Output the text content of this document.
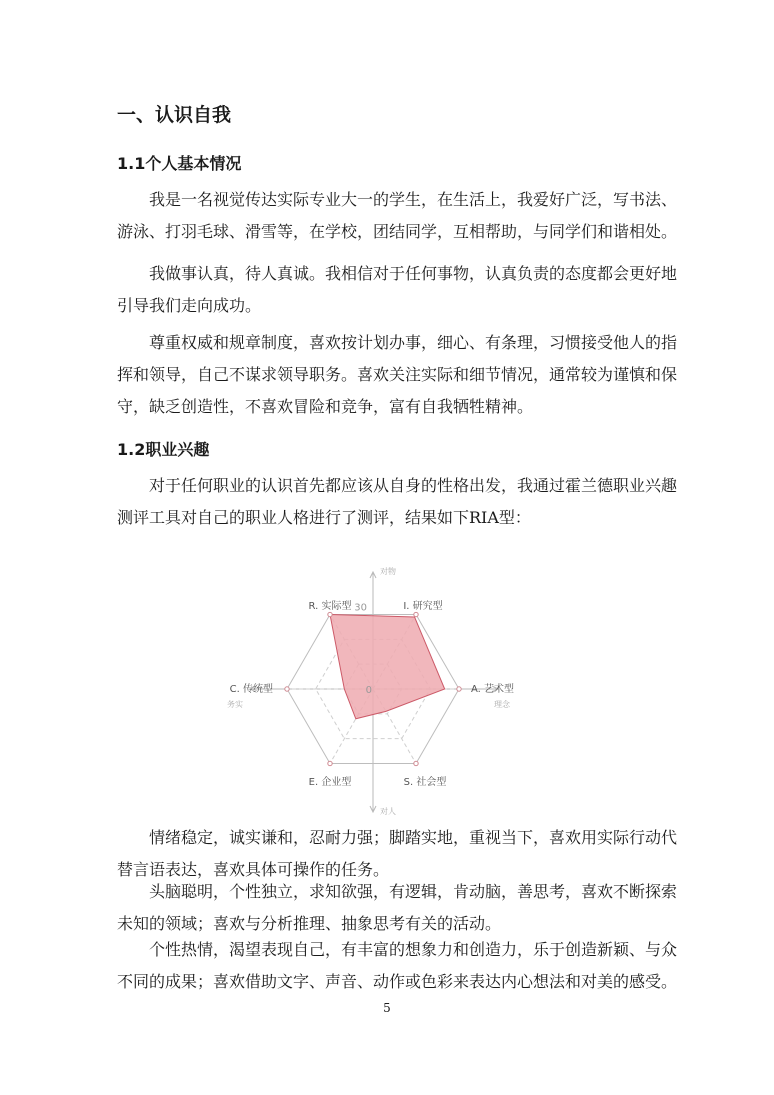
一、认识自我
1.1个人基本情况

我是一名视觉传达实际专业大一的学生，在生活上，我爱好广泛，写书法、
游泳、打羽毛球、滑雪等，在学校，团结同学，互相帮助，与同学们和谐相处。

我做事认真，待人真诚。我相信对于任何事物，认真负责的态度都会更好地
引导我们走向成功。

尊重权威和规章制度，喜欢按计划办事，细心、有条理，习惯接受他人的指
挥和领导，自己不谋求领导职务。喜欢关注实际和细节情况，通常较为谨慎和保
守，缺乏创造性，不喜欢冒险和竞争，富有自我牺牲精神。

1.2职业兴趣

对于任何职业的认识首先都应该从自身的性格出发，我通过霍兰德职业兴趣
测评工具对自己的职业人格进行了测评，结果如下RIA型：

30
0
R. 实际型	I. 研究型
A. 艺术型
S. 社会型
E. 企业型
C. 传统型
对物
对人
务实	理念

情绪稳定，诚实谦和，忍耐力强；脚踏实地，重视当下，喜欢用实际行动代
替言语表达，喜欢具体可操作的任务。

头脑聪明，个性独立，求知欲强，有逻辑，肯动脑，善思考，喜欢不断探索
未知的领域；喜欢与分析推理、抽象思考有关的活动。

个性热情，渴望表现自己，有丰富的想象力和创造力，乐于创造新颖、与众
不同的成果；喜欢借助文字、声音、动作或色彩来表达内心想法和对美的感受。

5
